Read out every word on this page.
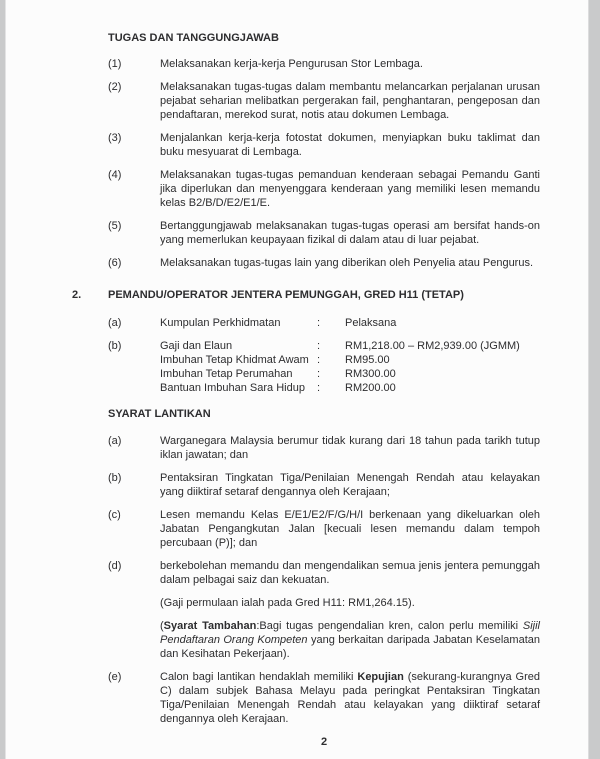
TUGAS DAN TANGGUNGJAWAB
(1)	Melaksanakan kerja-kerja Pengurusan Stor Lembaga.
(2)	Melaksanakan tugas-tugas dalam membantu melancarkan perjalanan urusan pejabat seharian melibatkan pergerakan fail, penghantaran, pengeposan dan pendaftaran, merekod surat, notis atau dokumen Lembaga.
(3)	Menjalankan kerja-kerja fotostat dokumen, menyiapkan buku taklimat dan buku mesyuarat di Lembaga.
(4)	Melaksanakan tugas-tugas pemanduan kenderaan sebagai Pemandu Ganti jika diperlukan dan menyenggara kenderaan yang memiliki lesen memandu kelas B2/B/D/E2/E1/E.
(5)	Bertanggungjawab melaksanakan tugas-tugas operasi am bersifat hands-on yang memerlukan keupayaan fizikal di dalam atau di luar pejabat.
(6)	Melaksanakan tugas-tugas lain yang diberikan oleh Penyelia atau Pengurus.
2.	PEMANDU/OPERATOR JENTERA PEMUNGGAH, GRED H11 (TETAP)
(a)	Kumpulan Perkhidmatan	:	Pelaksana
(b)	Gaji dan Elaun	:	RM1,218.00 – RM2,939.00 (JGMM)
Imbuhan Tetap Khidmat Awam :	RM95.00
Imbuhan Tetap Perumahan	:	RM300.00
Bantuan Imbuhan Sara Hidup	:	RM200.00
SYARAT LANTIKAN
(a)	Warganegara Malaysia berumur tidak kurang dari 18 tahun pada tarikh tutup iklan jawatan; dan
(b)	Pentaksiran Tingkatan Tiga/Penilaian Menengah Rendah atau kelayakan yang diiktiraf setaraf dengannya oleh Kerajaan;
(c)	Lesen memandu Kelas E/E1/E2/F/G/H/I berkenaan yang dikeluarkan oleh Jabatan Pengangkutan Jalan [kecuali lesen memandu dalam tempoh percubaan (P)]; dan
(d)	berkebolehan memandu dan mengendalikan semua jenis jentera pemunggah dalam pelbagai saiz dan kekuatan.
(Gaji permulaan ialah pada Gred H11: RM1,264.15).
(Syarat Tambahan:Bagi tugas pengendalian kren, calon perlu memiliki Sijil Pendaftaran Orang Kompeten yang berkaitan daripada Jabatan Keselamatan dan Kesihatan Pekerjaan).
(e)	Calon bagi lantikan hendaklah memiliki Kepujian (sekurang-kurangnya Gred C) dalam subjek Bahasa Melayu pada peringkat Pentaksiran Tingkatan Tiga/Penilaian Menengah Rendah atau kelayakan yang diiktiraf setaraf dengannya oleh Kerajaan.
2
